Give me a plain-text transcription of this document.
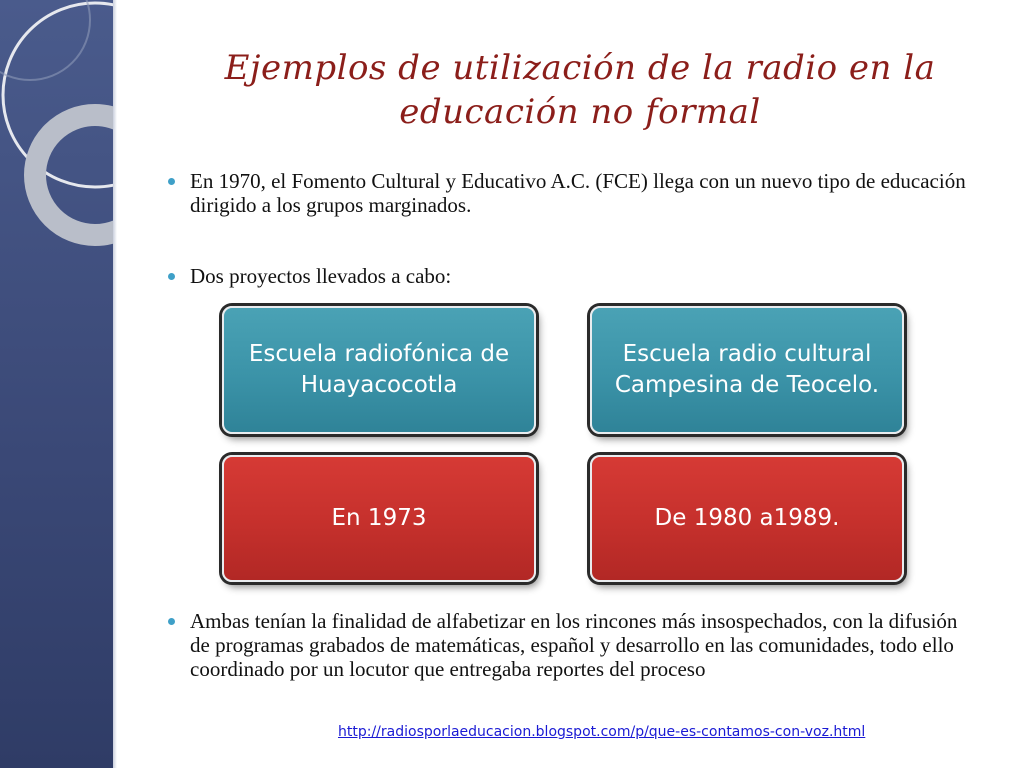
Ejemplos de utilización de la radio en la educación no formal
En 1970, el Fomento Cultural y Educativo A.C. (FCE) llega con un nuevo tipo de educación dirigido a los grupos marginados.
Dos proyectos llevados a cabo:
Escuela radiofónica de Huayacocotla
Escuela radio cultural Campesina de Teocelo.
En 1973	De 1980 a1989.
Ambas tenían la finalidad de alfabetizar en los rincones más insospechados, con la difusión de programas grabados de matemáticas, español y desarrollo en las comunidades, todo ello coordinado por un locutor que entregaba reportes del proceso
http://radiosporlaeducacion.blogspot.com/p/que-es-contamos-con-voz.html
